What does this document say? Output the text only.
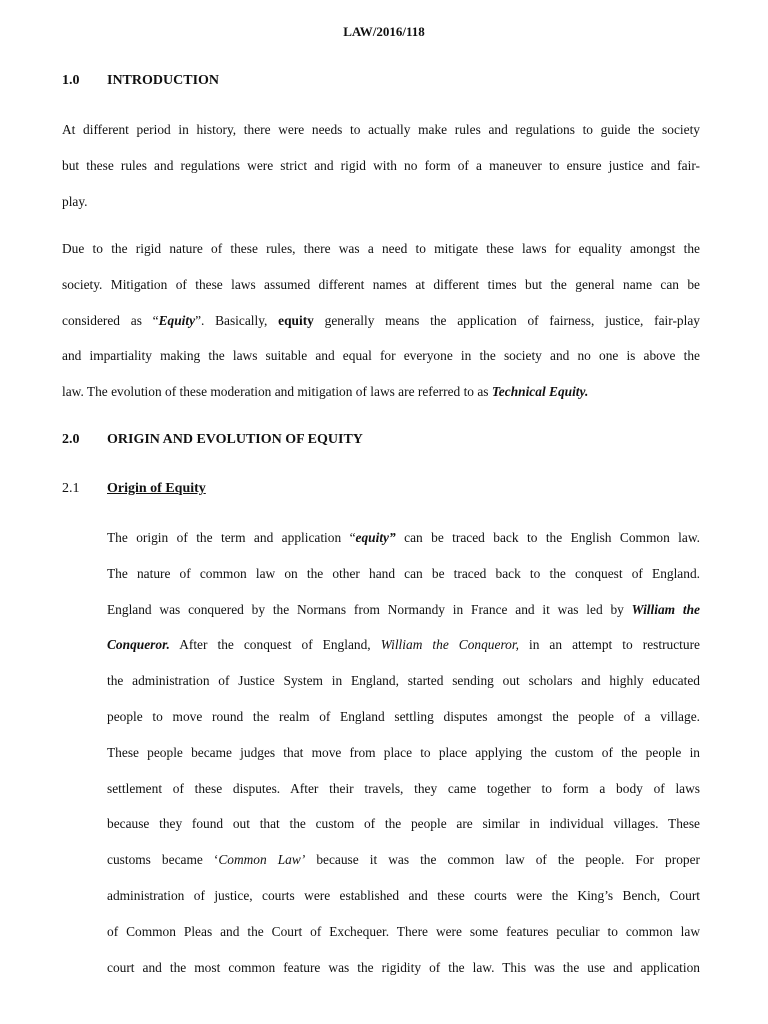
LAW/2016/118
1.0 INTRODUCTION
At different period in history, there were needs to actually make rules and regulations to guide the society
but these rules and regulations were strict and rigid with no form of a maneuver to ensure justice and fair-
play.
Due to the rigid nature of these rules, there was a need to mitigate these laws for equality amongst the
society. Mitigation of these laws assumed different names at different times but the general name can be
considered as “Equity”. Basically, equity generally means the application of fairness, justice, fair-play
and impartiality making the laws suitable and equal for everyone in the society and no one is above the
law. The evolution of these moderation and mitigation of laws are referred to as Technical Equity.
2.0 ORIGIN AND EVOLUTION OF EQUITY
2.1 Origin of Equity
The origin of the term and application “equity” can be traced back to the English Common law.
The nature of common law on the other hand can be traced back to the conquest of England.
England was conquered by the Normans from Normandy in France and it was led by William the
Conqueror. After the conquest of England, William the Conqueror, in an attempt to restructure
the administration of Justice System in England, started sending out scholars and highly educated
people to move round the realm of England settling disputes amongst the people of a village.
These people became judges that move from place to place applying the custom of the people in
settlement of these disputes. After their travels, they came together to form a body of laws
because they found out that the custom of the people are similar in individual villages. These
customs became ‘Common Law’ because it was the common law of the people. For proper
administration of justice, courts were established and these courts were the King’s Bench, Court
of Common Pleas and the Court of Exchequer. There were some features peculiar to common law
court and the most common feature was the rigidity of the law. This was the use and application
